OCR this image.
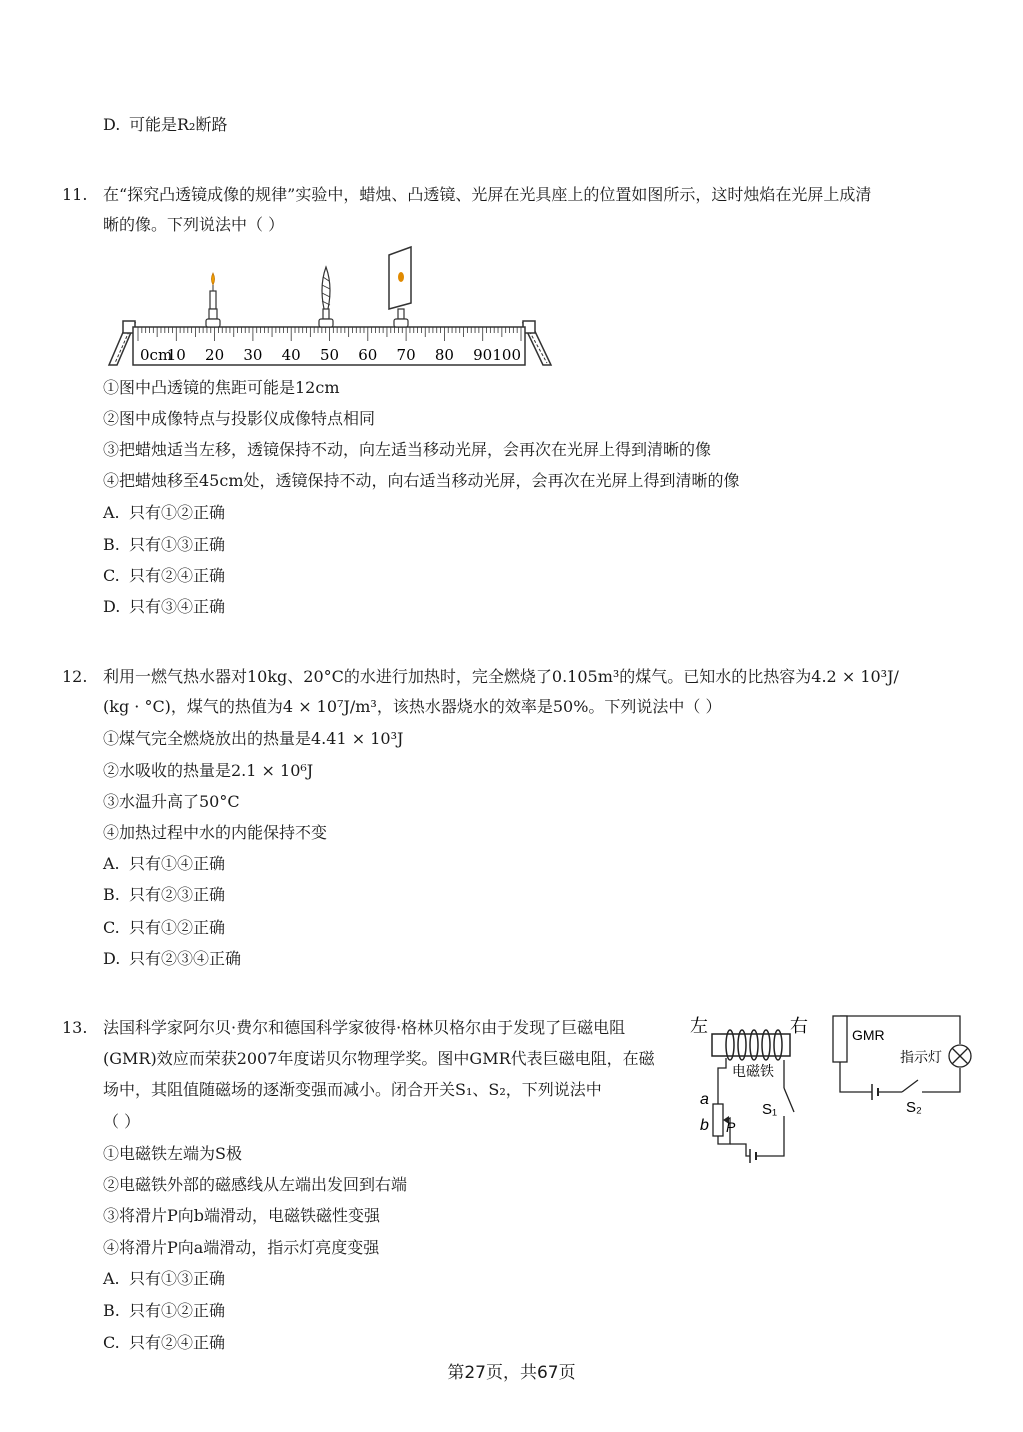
D. 可能是R₂断路
11. 在“探究凸透镜成像的规律”实验中，蜡烛、凸透镜、光屏在光具座上的位置如图所示，这时烛焰在光屏上成清
晰的像。下列说法中（ ）
0cm
10 20 30 40 50 60 70 80 90 100
①图中凸透镜的焦距可能是12cm
②图中成像特点与投影仪成像特点相同
③把蜡烛适当左移，透镜保持不动，向左适当移动光屏，会再次在光屏上得到清晰的像
④把蜡烛移至45cm处，透镜保持不动，向右适当移动光屏，会再次在光屏上得到清晰的像
A. 只有①②正确
B. 只有①③正确
C. 只有②④正确
D. 只有③④正确
12. 利用一燃气热水器对10kg、20°C的水进行加热时，完全燃烧了0.105m³的煤气。已知水的比热容为4.2 × 10³J/
(kg · °C)，煤气的热值为4 × 10⁷J/m³，该热水器烧水的效率是50%。下列说法中（ ）
①煤气完全燃烧放出的热量是4.41 × 10³J
②水吸收的热量是2.1 × 10⁶J
③水温升高了50°C
④加热过程中水的内能保持不变
A. 只有①④正确
B. 只有②③正确
C. 只有①②正确
D. 只有②③④正确
13. 法国科学家阿尔贝·费尔和德国科学家彼得·格林贝格尔由于发现了巨磁电阻
(GMR)效应而荣获2007年度诺贝尔物理学奖。图中GMR代表巨磁电阻，在磁
场中，其阻值随磁场的逐渐变强而减小。闭合开关S₁、S₂，下列说法中
（ ）
左	右
电磁铁
S₁
a
b P
GMR
S₂
指示灯
①电磁铁左端为S极
②电磁铁外部的磁感线从左端出发回到右端
③将滑片P向b端滑动，电磁铁磁性变强
④将滑片P向a端滑动，指示灯亮度变强
A. 只有①③正确
B. 只有①②正确
C. 只有②④正确
第27页，共67页
